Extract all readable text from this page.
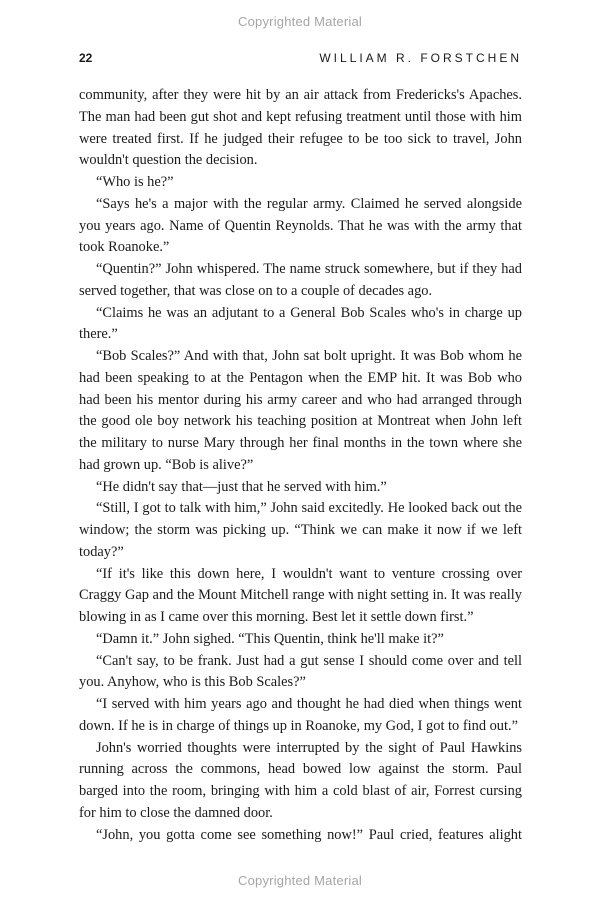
Copyrighted Material
22	WILLIAM R. FORSTCHEN

community, after they were hit by an air attack from Fredericks's Apaches. The man had been gut shot and kept refusing treatment until those with him were treated first. If he judged their refugee to be too sick to travel, John wouldn't question the decision.

“Who is he?”

“Says he's a major with the regular army. Claimed he served alongside you years ago. Name of Quentin Reynolds. That he was with the army that took Roanoke.”

“Quentin?” John whispered. The name struck somewhere, but if they had served together, that was close on to a couple of decades ago.

“Claims he was an adjutant to a General Bob Scales who's in charge up there.”

“Bob Scales?” And with that, John sat bolt upright. It was Bob whom he had been speaking to at the Pentagon when the EMP hit. It was Bob who had been his mentor during his army career and who had arranged through the good ole boy network his teaching position at Montreat when John left the military to nurse Mary through her final months in the town where she had grown up. “Bob is alive?”

“He didn't say that—just that he served with him.”

“Still, I got to talk with him,” John said excitedly. He looked back out the window; the storm was picking up. “Think we can make it now if we left today?”

“If it's like this down here, I wouldn't want to venture crossing over Craggy Gap and the Mount Mitchell range with night setting in. It was really blowing in as I came over this morning. Best let it settle down first.”

“Damn it.” John sighed. “This Quentin, think he'll make it?”

“Can't say, to be frank. Just had a gut sense I should come over and tell you. Anyhow, who is this Bob Scales?”

“I served with him years ago and thought he had died when things went down. If he is in charge of things up in Roanoke, my God, I got to find out.”

John's worried thoughts were interrupted by the sight of Paul Hawkins running across the commons, head bowed low against the storm. Paul barged into the room, bringing with him a cold blast of air, Forrest cursing for him to close the damned door.

“John, you gotta come see something now!” Paul cried, features alight

Copyrighted Material
